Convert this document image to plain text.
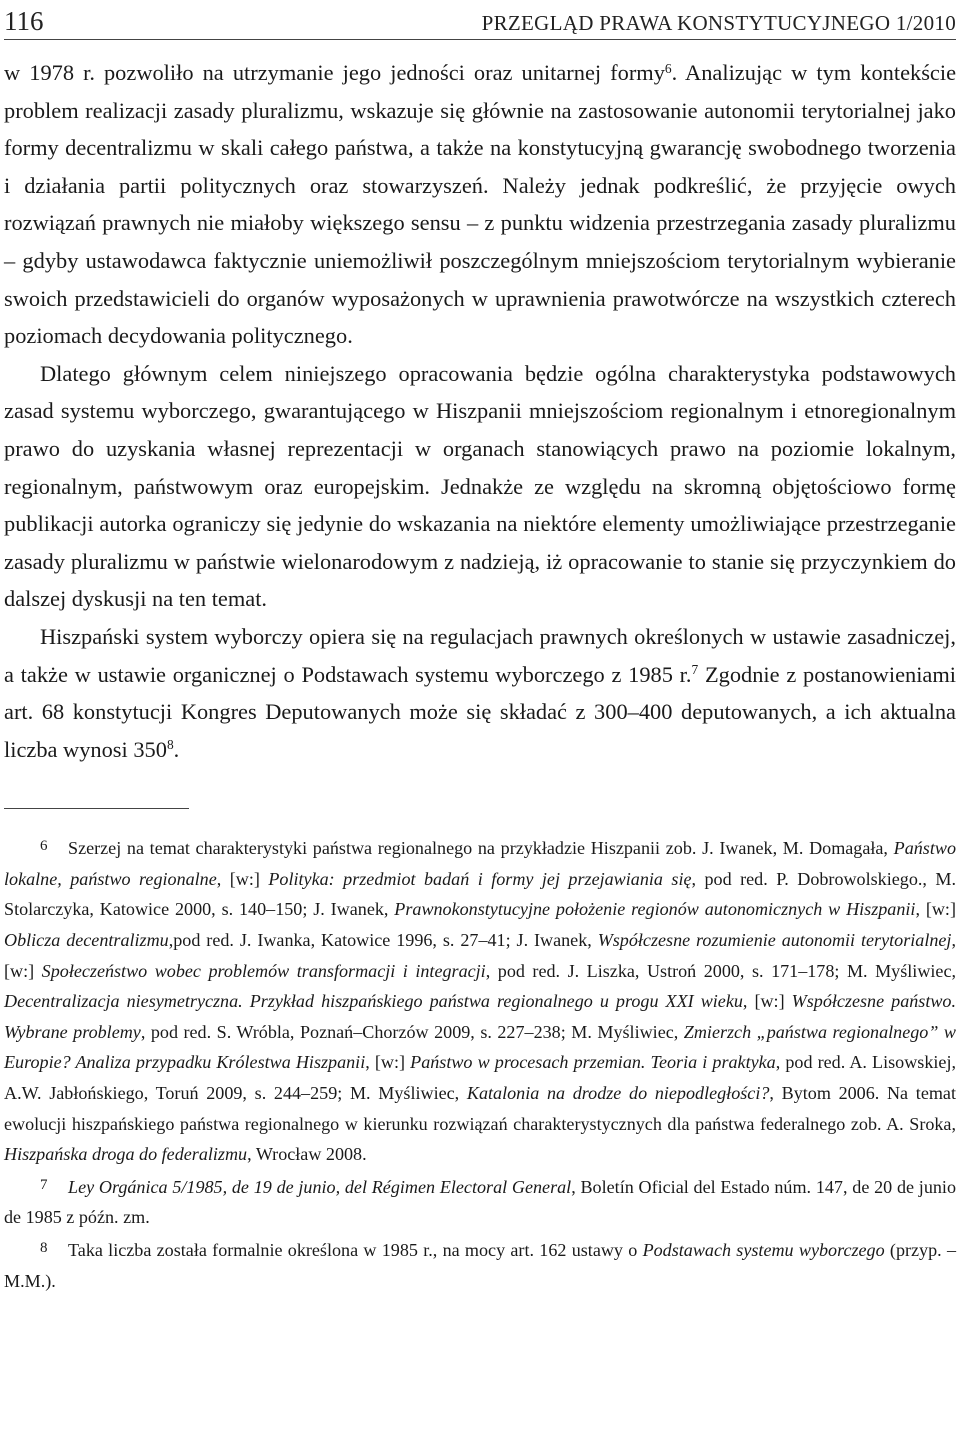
116	PRZEGLĄD PRAWA KONSTYTUCYJNEGO 1/2010

w 1978 r. pozwoliło na utrzymanie jego jedności oraz unitarnej formy$^6$. Analizując w tym kontekście problem realizacji zasady pluralizmu, wskazuje się głównie na zastosowanie autonomii terytorialnej jako formy decentralizmu w skali całego państwa, a także na konstytucyjną gwarancję swobodnego tworzenia i działania partii politycznych oraz stowarzyszeń. Należy jednak podkreślić, że przyjęcie owych rozwiązań prawnych nie miałoby większego sensu – z punktu widzenia przestrzegania zasady pluralizmu – gdyby ustawodawca faktycznie uniemożliwił poszczególnym mniejszościom terytorialnym wybieranie swoich przedstawicieli do organów wyposażonych w uprawnienia prawotwórcze na wszystkich czterech poziomach decydowania politycznego.

Dlatego głównym celem niniejszego opracowania będzie ogólna charakterystyka podstawowych zasad systemu wyborczego, gwarantującego w Hiszpanii mniejszościom regionalnym i etnoregionalnym prawo do uzyskania własnej reprezentacji w organach stanowiących prawo na poziomie lokalnym, regionalnym, państwowym oraz europejskim. Jednakże ze względu na skromną objętościowo formę publikacji autorka ograniczy się jedynie do wskazania na niektóre elementy umożliwiające przestrzeganie zasady pluralizmu w państwie wielonarodowym z nadzieją, iż opracowanie to stanie się przyczynkiem do dalszej dyskusji na ten temat.

Hiszpański system wyborczy opiera się na regulacjach prawnych określonych w ustawie zasadniczej, a także w ustawie organicznej o Podstawach systemu wyborczego z 1985 r.$^7$ Zgodnie z postanowieniami art. 68 konstytucji Kongres Deputowanych może się składać z 300–400 deputowanych, a ich aktualna liczba wynosi $350^8$.

6 Szerzej na temat charakterystyki państwa regionalnego na przykładzie Hiszpanii zob. J. Iwanek, M. Domagała, Państwo lokalne, państwo regionalne, [w:] Polityka: przedmiot badań i formy jej przejawiania się, pod red. P. Dobrowolskiego., M. Stolarczyka, Katowice 2000, s. 140–150; J. Iwanek, Prawnokonstytucyjne położenie regionów autonomicznych w Hiszpanii, [w:] Oblicza decentralizmu,pod red. J. Iwanka, Katowice 1996, s. 27–41; J. Iwanek, Współczesne rozumienie autonomii terytorialnej, [w:] Społeczeństwo wobec problemów transformacji i integracji, pod red. J. Liszka, Ustroń 2000, s. 171–178; M. Myśliwiec, Decentralizacja niesymetryczna. Przykład hiszpańskiego państwa regionalnego u progu XXI wieku, [w:] Współczesne państwo. Wybrane problemy, pod red. S. Wróbla, Poznań–Chorzów 2009, s. 227–238; M. Myśliwiec, Zmierzch „państwa regionalnego” w Europie? Analiza przypadku Królestwa Hiszpanii, [w:] Państwo w procesach przemian. Teoria i praktyka, pod red. A. Lisowskiej, A.W. Jabłońskiego, Toruń 2009, s. 244–259; M. Myśliwiec, Katalonia na drodze do niepodległości?, Bytom 2006. Na temat ewolucji hiszpańskiego państwa regionalnego w kierunku rozwiązań charakterystycznych dla państwa federalnego zob. A. Sroka, Hiszpańska droga do federalizmu, Wrocław 2008.

7 Ley Orgánica 5/1985, de 19 de junio, del Régimen Electoral General, Boletín Oficial del Estado núm. 147, de 20 de junio de 1985 z późn. zm.

8 Taka liczba została formalnie określona w 1985 r., na mocy art. 162 ustawy o Podstawach systemu wyborczego (przyp. – M.M.).
